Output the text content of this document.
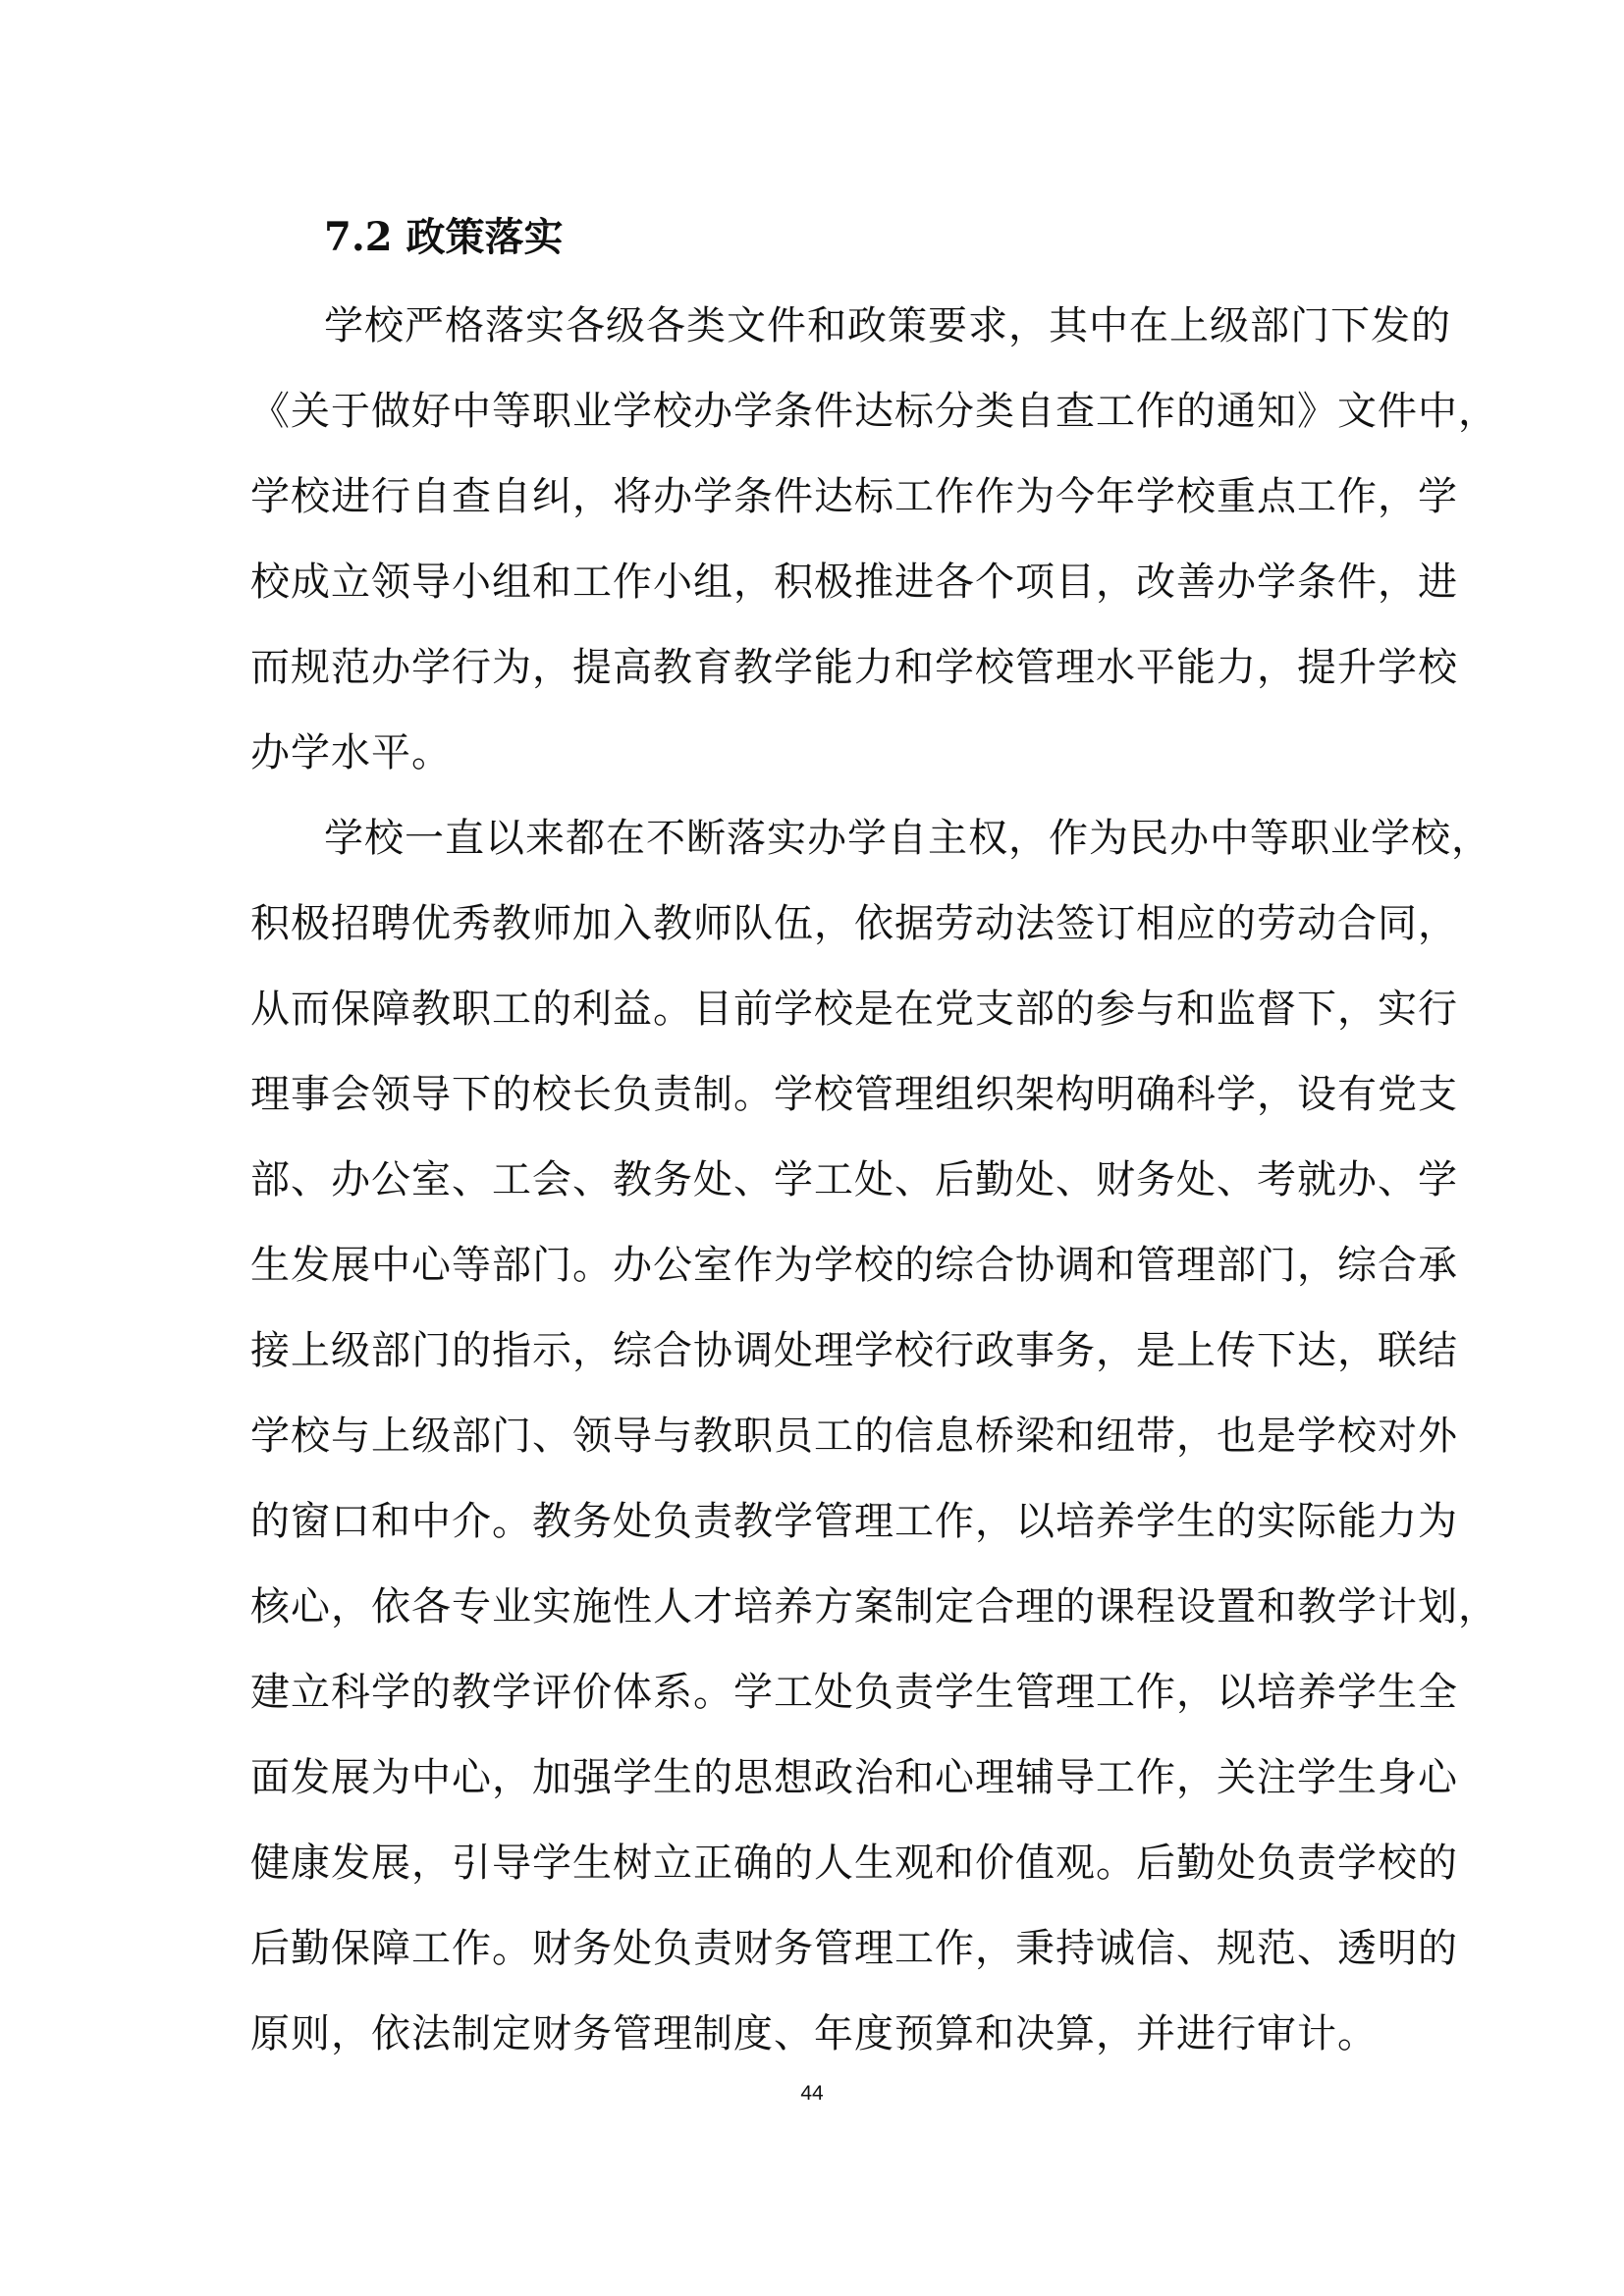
7.2 政策落实
学校严格落实各级各类文件和政策要求，其中在上级部门下发的
《关于做好中等职业学校办学条件达标分类自查工作的通知》文件中，
学校进行自查自纠，将办学条件达标工作作为今年学校重点工作，学
校成立领导小组和工作小组，积极推进各个项目，改善办学条件，进
而规范办学行为，提高教育教学能力和学校管理水平能力，提升学校
办学水平。
学校一直以来都在不断落实办学自主权，作为民办中等职业学校，
积极招聘优秀教师加入教师队伍，依据劳动法签订相应的劳动合同，
从而保障教职工的利益。目前学校是在党支部的参与和监督下，实行
理事会领导下的校长负责制。学校管理组织架构明确科学，设有党支
部、办公室、工会、教务处、学工处、后勤处、财务处、考就办、学
生发展中心等部门。办公室作为学校的综合协调和管理部门，综合承
接上级部门的指示，综合协调处理学校行政事务，是上传下达，联结
学校与上级部门、领导与教职员工的信息桥梁和纽带，也是学校对外
的窗口和中介。教务处负责教学管理工作，以培养学生的实际能力为
核心，依各专业实施性人才培养方案制定合理的课程设置和教学计划，
建立科学的教学评价体系。学工处负责学生管理工作，以培养学生全
面发展为中心，加强学生的思想政治和心理辅导工作，关注学生身心
健康发展，引导学生树立正确的人生观和价值观。后勤处负责学校的
后勤保障工作。财务处负责财务管理工作，秉持诚信、规范、透明的
原则，依法制定财务管理制度、年度预算和决算，并进行审计。
44
